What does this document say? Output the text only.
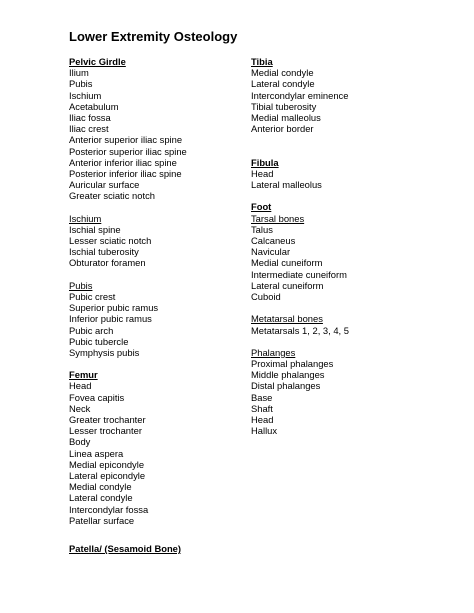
Lower Extremity Osteology
Pelvic Girdle
Ilium
Pubis
Ischium
Acetabulum
Iliac fossa
Iliac crest
Anterior superior iliac spine
Posterior superior iliac spine
Anterior inferior iliac spine
Posterior inferior iliac spine
Auricular surface
Greater sciatic notch
Ischium
Ischial spine
Lesser sciatic notch
Ischial tuberosity
Obturator foramen
Pubis
Pubic crest
Superior pubic ramus
Inferior pubic ramus
Pubic arch
Pubic tubercle
Symphysis pubis
Femur
Head
Fovea capitis
Neck
Greater trochanter
Lesser trochanter
Body
Linea aspera
Medial epicondyle
Lateral epicondyle
Medial condyle
Lateral condyle
Intercondylar fossa
Patellar surface
Tibia
Medial condyle
Lateral condyle
Intercondylar eminence
Tibial tuberosity
Medial malleolus
Anterior border
Fibula
Head
Lateral malleolus
Foot
Tarsal bones
Talus
Calcaneus
Navicular
Medial cuneiform
Intermediate cuneiform
Lateral cuneiform
Cuboid
Metatarsal bones
Metatarsals 1, 2, 3, 4, 5
Phalanges
Proximal phalanges
Middle phalanges
Distal phalanges
Base
Shaft
Head
Hallux
Patella/ (Sesamoid Bone)
